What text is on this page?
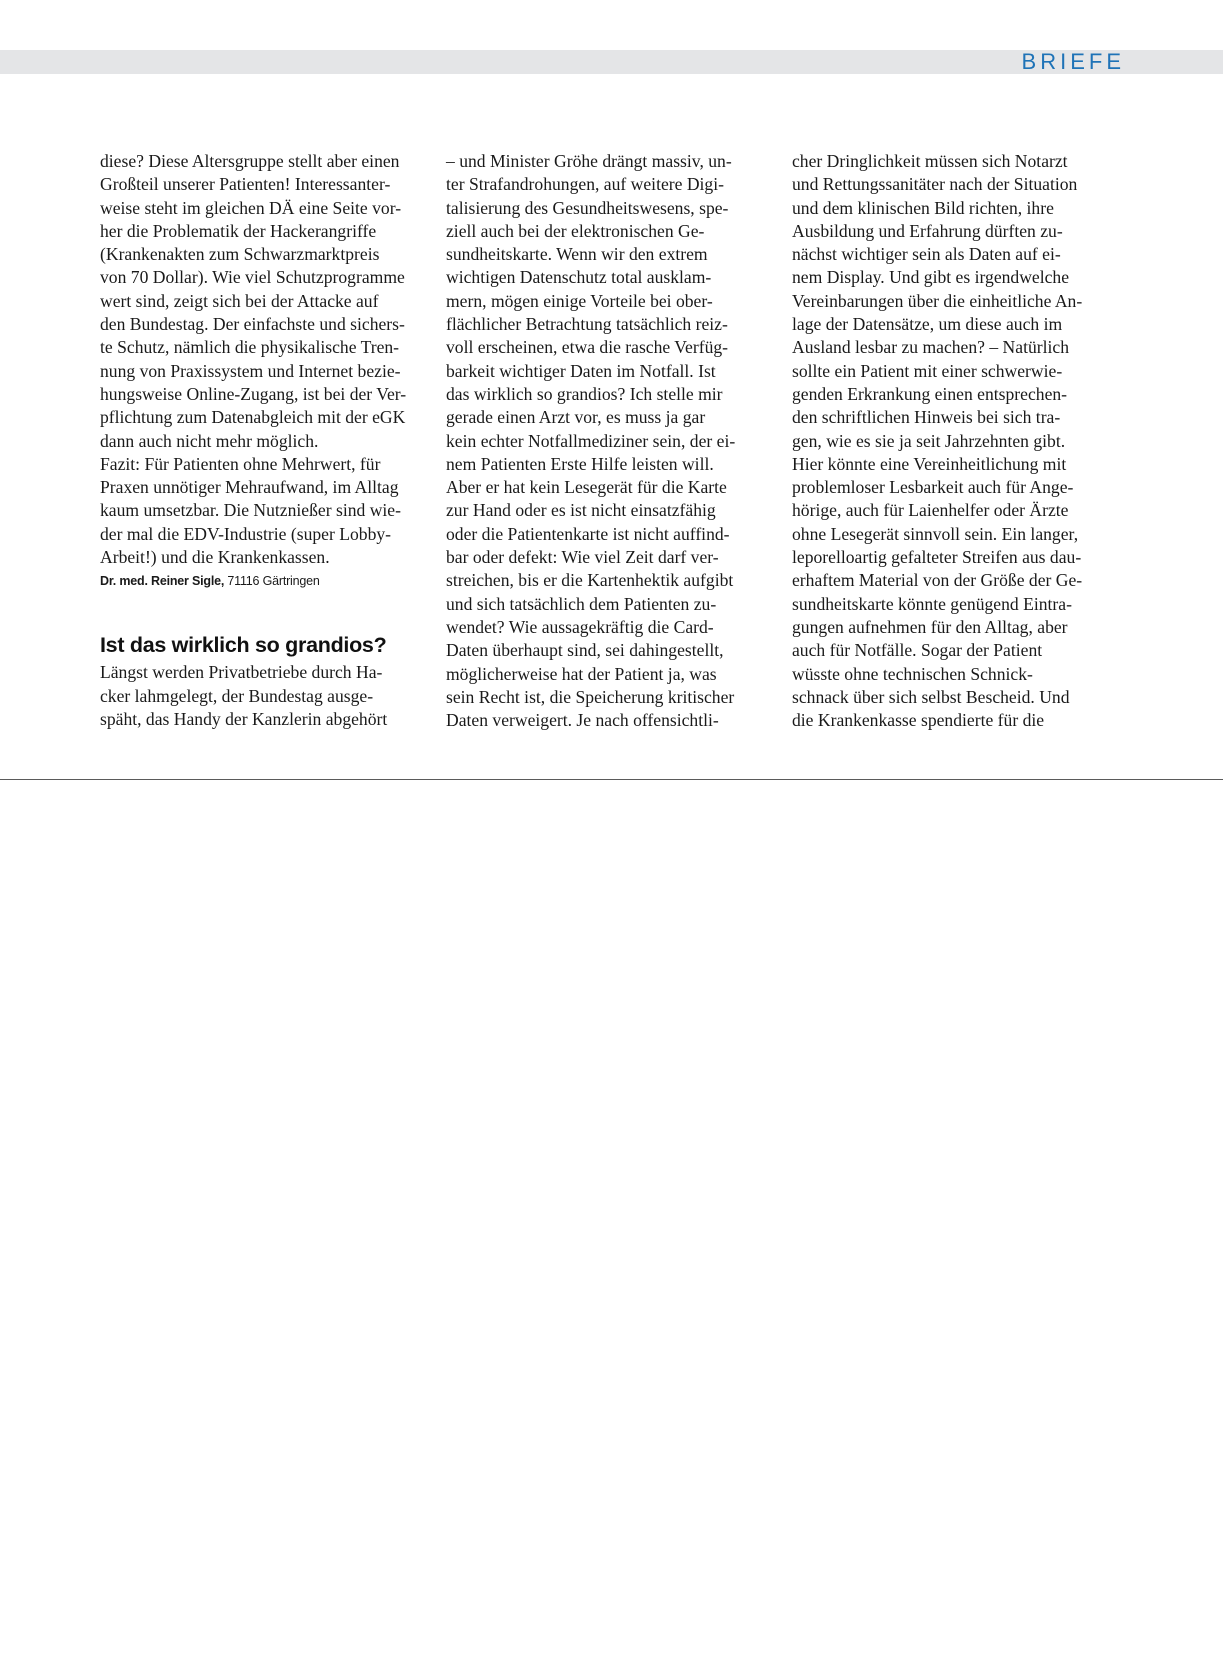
BRIEFE
diese? Diese Altersgruppe stellt aber einen
Großteil unserer Patienten! Interessanter-
weise steht im gleichen DÄ eine Seite vor-
her die Problematik der Hackerangriffe
(Krankenakten zum Schwarzmarktpreis
von 70 Dollar). Wie viel Schutzprogramme
wert sind, zeigt sich bei der Attacke auf
den Bundestag. Der einfachste und sichers-
te Schutz, nämlich die physikalische Tren-
nung von Praxissystem und Internet bezie-
hungsweise Online-Zugang, ist bei der Ver-
pflichtung zum Datenabgleich mit der eGK
dann auch nicht mehr möglich.
Fazit: Für Patienten ohne Mehrwert, für
Praxen unnötiger Mehraufwand, im Alltag
kaum umsetzbar. Die Nutznießer sind wie-
der mal die EDV-Industrie (super Lobby-
Arbeit!) und die Krankenkassen.
Dr. med. Reiner Sigle, 71116 Gärtringen
Ist das wirklich so grandios?
Längst werden Privatbetriebe durch Ha-
cker lahmgelegt, der Bundestag ausge-
späht, das Handy der Kanzlerin abgehört
– und Minister Gröhe drängt massiv, un-
ter Strafandrohungen, auf weitere Digi-
talisierung des Gesundheitswesens, spe-
ziell auch bei der elektronischen Ge-
sundheitskarte. Wenn wir den extrem
wichtigen Datenschutz total ausklam-
mern, mögen einige Vorteile bei ober-
flächlicher Betrachtung tatsächlich reiz-
voll erscheinen, etwa die rasche Verfüg-
barkeit wichtiger Daten im Notfall. Ist
das wirklich so grandios? Ich stelle mir
gerade einen Arzt vor, es muss ja gar
kein echter Notfallmediziner sein, der ei-
nem Patienten Erste Hilfe leisten will.
Aber er hat kein Lesegerät für die Karte
zur Hand oder es ist nicht einsatzfähig
oder die Patientenkarte ist nicht auffind-
bar oder defekt: Wie viel Zeit darf ver-
streichen, bis er die Kartenhektik aufgibt
und sich tatsächlich dem Patienten zu-
wendet? Wie aussagekräftig die Card-
Daten überhaupt sind, sei dahingestellt,
möglicherweise hat der Patient ja, was
sein Recht ist, die Speicherung kritischer
Daten verweigert. Je nach offensichtli-
cher Dringlichkeit müssen sich Notarzt
und Rettungssanitäter nach der Situation
und dem klinischen Bild richten, ihre
Ausbildung und Erfahrung dürften zu-
nächst wichtiger sein als Daten auf ei-
nem Display. Und gibt es irgendwelche
Vereinbarungen über die einheitliche An-
lage der Datensätze, um diese auch im
Ausland lesbar zu machen? – Natürlich
sollte ein Patient mit einer schwerwie-
genden Erkrankung einen entsprechen-
den schriftlichen Hinweis bei sich tra-
gen, wie es sie ja seit Jahrzehnten gibt.
Hier könnte eine Vereinheitlichung mit
problemloser Lesbarkeit auch für Ange-
hörige, auch für Laienhelfer oder Ärzte
ohne Lesegerät sinnvoll sein. Ein langer,
leporelloartig gefalteter Streifen aus dau-
erhaftem Material von der Größe der Ge-
sundheitskarte könnte genügend Eintra-
gungen aufnehmen für den Alltag, aber
auch für Notfälle. Sogar der Patient
wüsste ohne technischen Schnick-
schnack über sich selbst Bescheid. Und
die Krankenkasse spendierte für die
